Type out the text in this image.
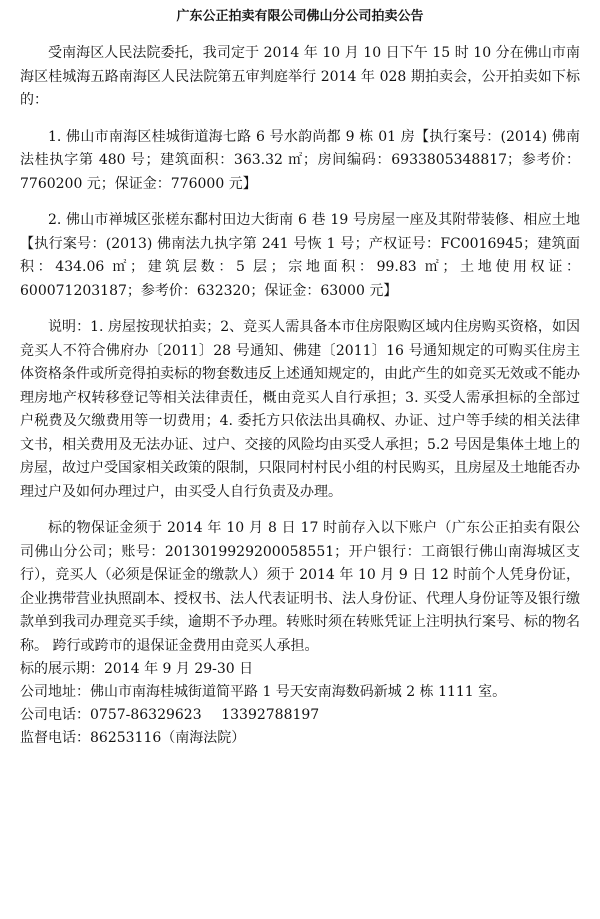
广东公正拍卖有限公司佛山分公司拍卖公告

受南海区人民法院委托，我司定于 2014 年 10 月 10 日下午 15 时 10 分在佛山市南海区桂城海五路南海区人民法院第五审判庭举行 2014 年 028 期拍卖会，公开拍卖如下标的：

1. 佛山市南海区桂城街道海七路 6 号水韵尚都 9 栋 01 房【执行案号：(2014) 佛南法桂执字第 480 号；建筑面积：363.32 ㎡；房间编码：6933805348817；参考价：7760200 元；保证金：776000 元】

2. 佛山市禅城区张槎东鄱村田边大街南 6 巷 19 号房屋一座及其附带装修、相应土地【执行案号：(2013) 佛南法九执字第 241 号恢 1 号；产权证号：FC0016945；建筑面积：434.06 ㎡；建筑层数：5 层；宗地面积：99.83 ㎡；土地使用权证：600071203187；参考价：632320；保证金：63000 元】

说明：1. 房屋按现状拍卖；2、竞买人需具备本市住房限购区域内住房购买资格，如因竞买人不符合佛府办〔2011〕28 号通知、佛建〔2011〕16 号通知规定的可购买住房主体资格条件或所竞得拍卖标的物套数违反上述通知规定的，由此产生的如竞买无效或不能办理房地产权转移登记等相关法律责任，概由竞买人自行承担；3. 买受人需承担标的全部过户税费及欠缴费用等一切费用；4. 委托方只依法出具确权、办证、过户等手续的相关法律文书，相关费用及无法办证、过户、交接的风险均由买受人承担；5.2 号因是集体土地上的房屋，故过户受国家相关政策的限制，只限同村村民小组的村民购买，且房屋及土地能否办理过户及如何办理过户，由买受人自行负责及办理。

标的物保证金须于 2014 年 10 月 8 日 17 时前存入以下账户（广东公正拍卖有限公司佛山分公司；账号：2013019929200058551；开户银行：工商银行佛山南海城区支行），竞买人（必须是保证金的缴款人）须于 2014 年 10 月 9 日 12 时前个人凭身份证，企业携带营业执照副本、授权书、法人代表证明书、法人身份证、代理人身份证等及银行缴款单到我司办理竞买手续，逾期不予办理。转账时须在转账凭证上注明执行案号、标的物名称。 跨行或跨市的退保证金费用由竞买人承担。

标的展示期：2014 年 9 月 29-30 日

公司地址：佛山市南海桂城街道简平路 1 号天安南海数码新城 2 栋 1111 室。

公司电话：0757-86329623 13392788197

监督电话：86253116（南海法院）
